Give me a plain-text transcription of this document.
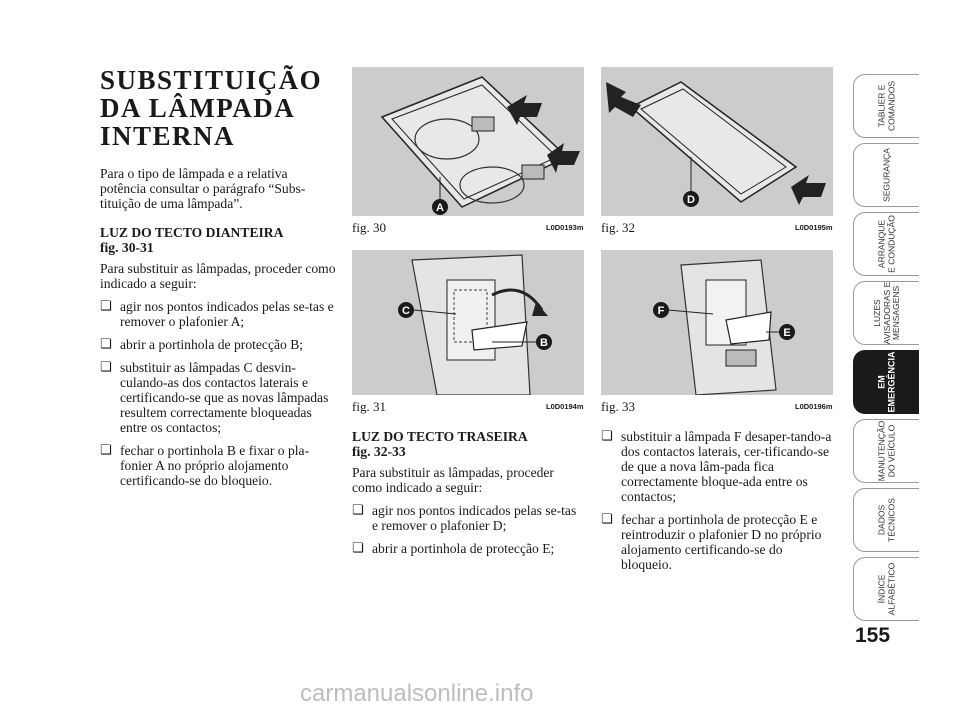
SUBSTITUIÇÃO DA LÂMPADA INTERNA

Para o tipo de lâmpada e a relativa potência consultar o parágrafo “Subs-tituição de uma lâmpada”.

LUZ DO TECTO DIANTEIRA

fig. 30-31

Para substituir as lâmpadas, proceder como indicado a seguir:

❏ agir nos pontos indicados pelas se-tas e remover o plafonier A;
❏ abrir a portinhola de protecção B;
❏ substituir as lâmpadas C desvin-culando-as dos contactos laterais e certificando-se que as novas lâmpadas resultem correctamente bloqueadas entre os contactos;
❏ fechar o portinhola B e fixar o pla-fonier A no próprio alojamento certificando-se do bloqueio.
A
fig. 30	L0D0193m
C
B
fig. 31	L0D0194m
D
fig. 32	L0D0195m
F
E
fig. 33	L0D0196m

LUZ DO TECTO TRASEIRA

fig. 32-33

Para substituir as lâmpadas, proceder como indicado a seguir:

❏ agir nos pontos indicados pelas se-tas e remover o plafonier D;
❏ abrir a portinhola de protecção E;
❏ substituir a lâmpada F desaper-tando-a dos contactos laterais, cer-tificando-se de que a nova lâm-pada fica correctamente bloque-ada entre os contactos;
❏ fechar a portinhola de protecção E e reintroduzir o plafonier D no próprio alojamento certificando-se do bloqueio.
TABLIER E
COMANDOS
SEGURANÇA
ARRANQUE
E CONDUÇÃO
LUZES
AVISADORAS E
MENSAGENS
EM
EMERGÊNCIA
MANUTENÇÃO
DO VEÍCULO
DADOS
TÉCNICOS
ÍNDICE
ALFABÉTICO
155
carmanualsonline.info
